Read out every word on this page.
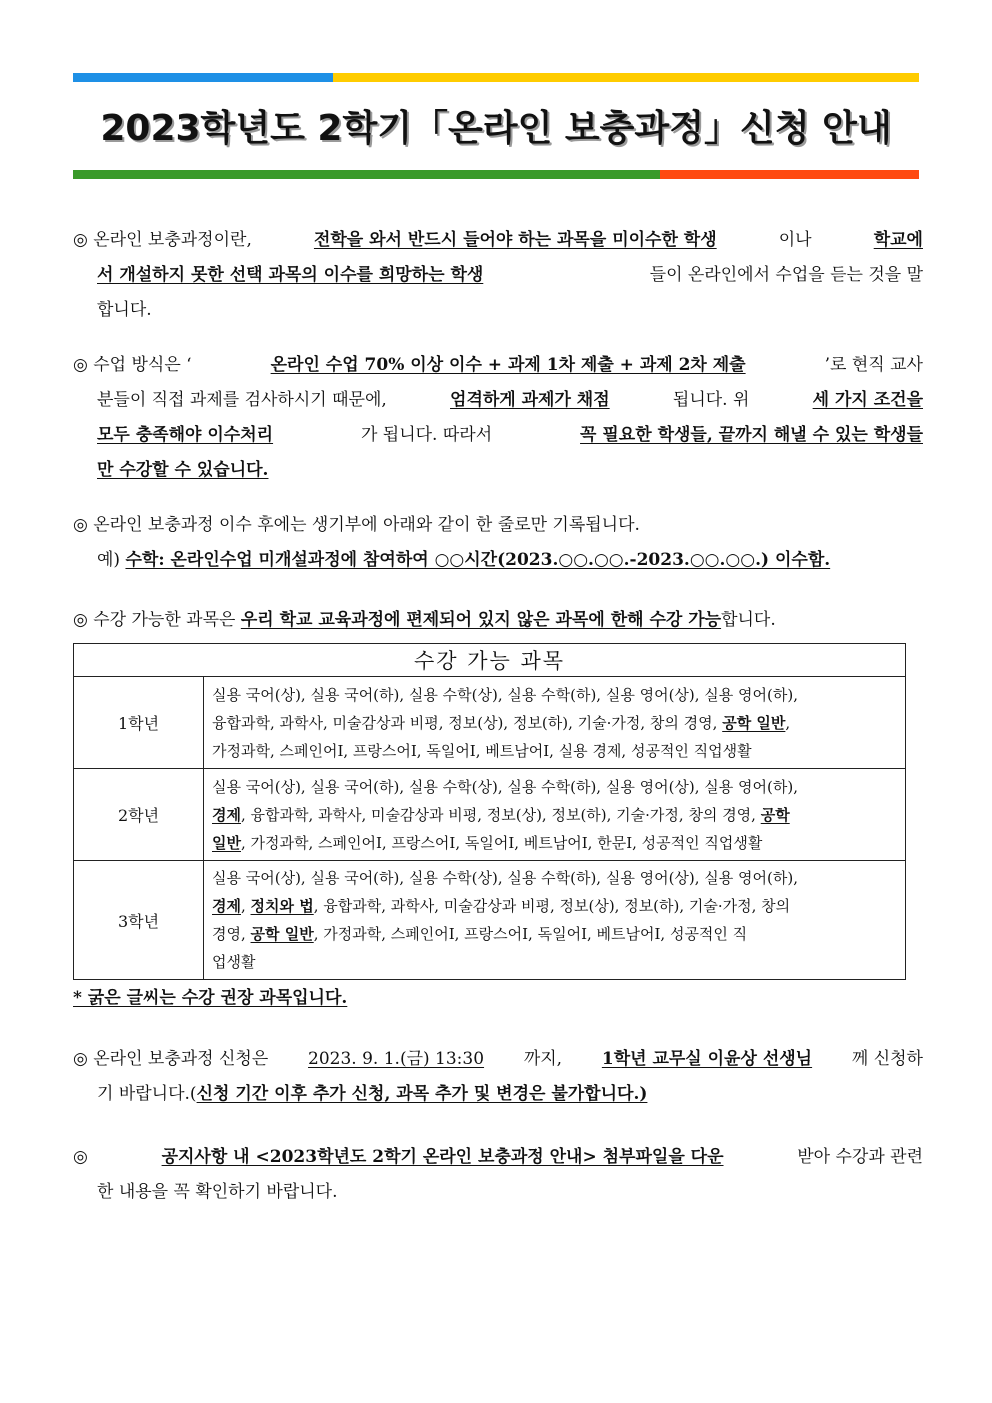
2023학년도 2학기「온라인 보충과정」신청 안내
◎ 온라인 보충과정이란,	전학을 와서 반드시 들어야 하는 과목을 미이수한 학생	이나	학교에
서 개설하지 못한 선택 과목의 이수를 희망하는 학생	들이 온라인에서 수업을 듣는 것을 말
합니다.
◎ 수업 방식은 ‘	온라인 수업 70% 이상 이수 + 과제 1차 제출 + 과제 2차 제출	’로 현직 교사
분들이 직접 과제를 검사하시기 때문에,	엄격하게 과제가 채점	됩니다. 위	세 가지 조건을
모두 충족해야 이수처리	가 됩니다. 따라서	꼭 필요한 학생들, 끝까지 해낼 수 있는 학생들
만 수강할 수 있습니다.
◎ 온라인 보충과정 이수 후에는 생기부에 아래와 같이 한 줄로만 기록됩니다.
예) 수학: 온라인수업 미개설과정에 참여하여 ○○시간(2023.○○.○○.-2023.○○.○○.) 이수함.
◎ 수강 가능한 과목은 우리 학교 교육과정에 편제되어 있지 않은 과목에 한해 수강 가능합니다.
수강 가능 과목	
1학년	실용 국어(상), 실용 국어(하), 실용 수학(상), 실용 수학(하), 실용 영어(상), 실용 영어(하),
융합과학, 과학사, 미술감상과 비평, 정보(상), 정보(하), 기술·가정, 창의 경영, 공학 일반,
가정과학, 스페인어Ⅰ, 프랑스어Ⅰ, 독일어Ⅰ, 베트남어Ⅰ, 실용 경제, 성공적인 직업생활

2학년	실용 국어(상), 실용 국어(하), 실용 수학(상), 실용 수학(하), 실용 영어(상), 실용 영어(하),
경제, 융합과학, 과학사, 미술감상과 비평, 정보(상), 정보(하), 기술·가정, 창의 경영, 공학
일반, 가정과학, 스페인어Ⅰ, 프랑스어Ⅰ, 독일어Ⅰ, 베트남어Ⅰ, 한문Ⅰ, 성공적인 직업생활

3학년	실용 국어(상), 실용 국어(하), 실용 수학(상), 실용 수학(하), 실용 영어(상), 실용 영어(하),
경제, 정치와 법, 융합과학, 과학사, 미술감상과 비평, 정보(상), 정보(하), 기술·가정, 창의
경영, 공학 일반, 가정과학, 스페인어Ⅰ, 프랑스어Ⅰ, 독일어Ⅰ, 베트남어Ⅰ, 성공적인 직
업생활
* 굵은 글씨는 수강 권장 과목입니다.
◎ 온라인 보충과정 신청은 2023. 9. 1.(금) 13:30 까지, 1학년 교무실 이윤상 선생님 께 신청하
기 바랍니다.(신청 기간 이후 추가 신청, 과목 추가 및 변경은 불가합니다.)
◎	공지사항 내 <2023학년도 2학기 온라인 보충과정 안내> 첨부파일을 다운	받아 수강과 관련
한 내용을 꼭 확인하기 바랍니다.
